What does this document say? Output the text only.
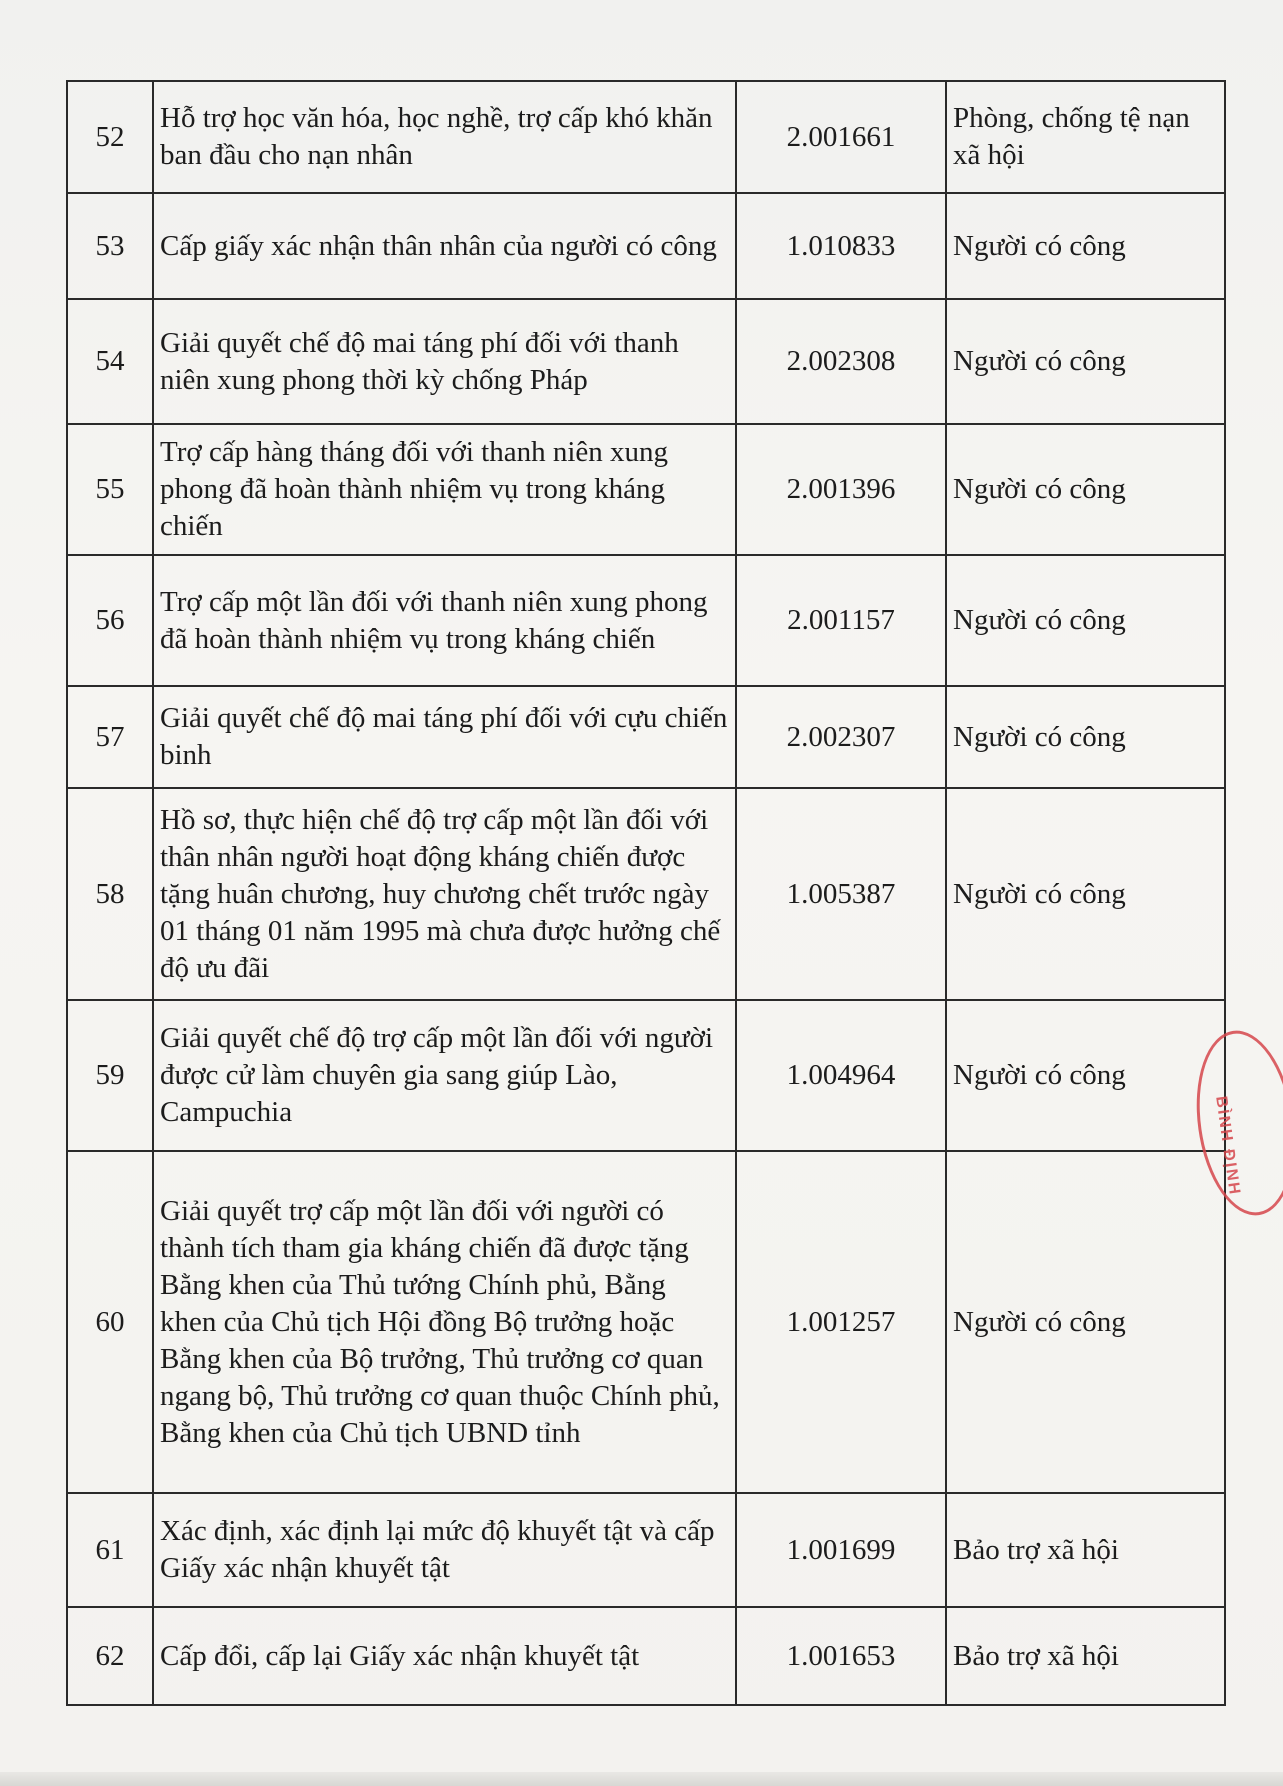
52	Hỗ trợ học văn hóa, học nghề, trợ cấp khó khăn ban đầu cho nạn nhân	2.001661	Phòng, chống tệ nạn xã hội
53	Cấp giấy xác nhận thân nhân của người có công	1.010833	Người có công
54	Giải quyết chế độ mai táng phí đối với thanh niên xung phong thời kỳ chống Pháp	2.002308	Người có công
55	Trợ cấp hàng tháng đối với thanh niên xung phong đã hoàn thành nhiệm vụ trong kháng chiến	2.001396	Người có công
56	Trợ cấp một lần đối với thanh niên xung phong đã hoàn thành nhiệm vụ trong kháng chiến	2.001157	Người có công
57	Giải quyết chế độ mai táng phí đối với cựu chiến binh	2.002307	Người có công
58	Hồ sơ, thực hiện chế độ trợ cấp một lần đối với thân nhân người hoạt động kháng chiến được tặng huân chương, huy chương chết trước ngày 01 tháng 01 năm 1995 mà chưa được hưởng chế độ ưu đãi	1.005387	Người có công
59	Giải quyết chế độ trợ cấp một lần đối với người được cử làm chuyên gia sang giúp Lào, Campuchia	1.004964	Người có công
60	Giải quyết trợ cấp một lần đối với người có thành tích tham gia kháng chiến đã được tặng Bằng khen của Thủ tướng Chính phủ, Bằng khen của Chủ tịch Hội đồng Bộ trưởng hoặc Bằng khen của Bộ trưởng, Thủ trưởng cơ quan ngang bộ, Thủ trưởng cơ quan thuộc Chính phủ, Bằng khen của Chủ tịch UBND tỉnh	1.001257	Người có công
61	Xác định, xác định lại mức độ khuyết tật và cấp Giấy xác nhận khuyết tật	1.001699	Bảo trợ xã hội
62	Cấp đổi, cấp lại Giấy xác nhận khuyết tật	1.001653	Bảo trợ xã hội
BÌNH ĐỊNH
